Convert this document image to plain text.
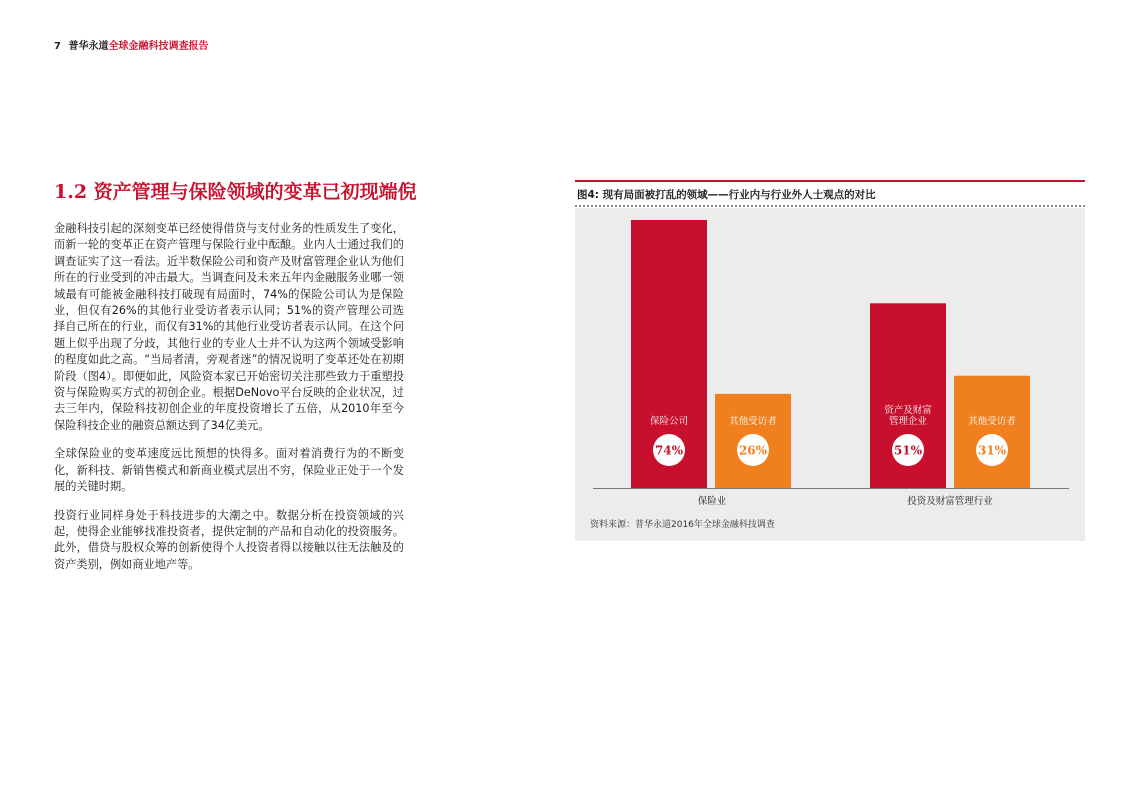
7 普华永道全球金融科技调查报告
1.2 资产管理与保险领域的变革已初现端倪

金融科技引起的深刻变革已经使得借贷与支付业务的性质发生了变化，而新一轮的变革正在资产管理与保险行业中酝酿。业内人士通过我们的调查证实了这一看法。近半数保险公司和资产及财富管理企业认为他们所在的行业受到的冲击最大。当调查问及未来五年内金融服务业哪一领域最有可能被金融科技打破现有局面时，74%的保险公司认为是保险业，但仅有26%的其他行业受访者表示认同；51%的资产管理公司选择自己所在的行业，而仅有31%的其他行业受访者表示认同。在这个问题上似乎出现了分歧，其他行业的专业人士并不认为这两个领域受影响的程度如此之高。“当局者清，旁观者迷”的情况说明了变革还处在初期阶段（图4）。即便如此，风险资本家已开始密切关注那些致力于重塑投资与保险购买方式的初创企业。根据DeNovo平台反映的企业状况，过去三年内，保险科技初创企业的年度投资增长了五倍，从2010年至今保险科技企业的融资总额达到了34亿美元。

全球保险业的变革速度远比预想的快得多。面对着消费行为的不断变化，新科技、新销售模式和新商业模式层出不穷，保险业正处于一个发展的关键时期。

投资行业同样身处于科技进步的大潮之中。数据分析在投资领域的兴起，使得企业能够找准投资者，提供定制的产品和自动化的投资服务。此外，借贷与股权众筹的创新使得个人投资者得以接触以往无法触及的资产类别，例如商业地产等。

图4: 现有局面被打乱的领域——行业内与行业外人士观点的对比
保险公司
74%
资产及财富
管理企业
51%
其他受访者
26%
其他受访者
31%
保险业	投资及财富管理行业
资料来源：普华永道2016年全球金融科技调查
